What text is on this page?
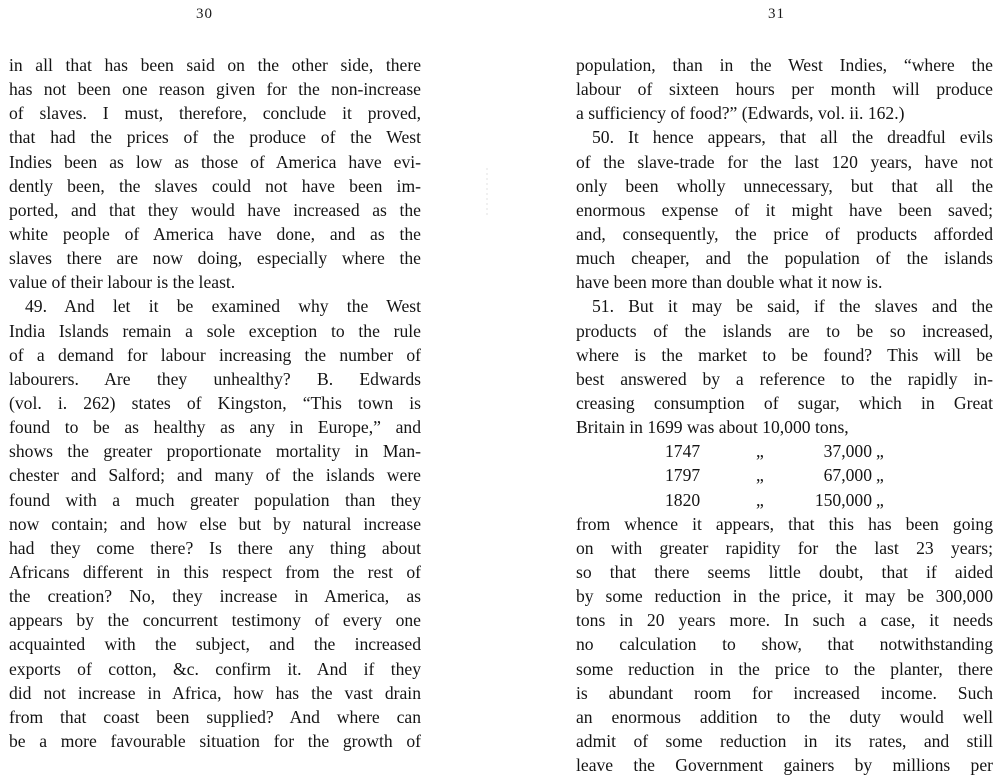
30	31
in all that has been said on the other side, there
has not been one reason given for the non-increase
of slaves. I must, therefore, conclude it proved,
that had the prices of the produce of the West
Indies been as low as those of America have evi-
dently been, the slaves could not have been im-
ported, and that they would have increased as the
white people of America have done, and as the
slaves there are now doing, especially where the
value of their labour is the least.
49. And let it be examined why the West
India Islands remain a sole exception to the rule
of a demand for labour increasing the number of
labourers. Are they unhealthy? B. Edwards
(vol. i. 262) states of Kingston, “This town is
found to be as healthy as any in Europe,” and
shows the greater proportionate mortality in Man-
chester and Salford; and many of the islands were
found with a much greater population than they
now contain; and how else but by natural increase
had they come there? Is there any thing about
Africans different in this respect from the rest of
the creation? No, they increase in America, as
appears by the concurrent testimony of every one
acquainted with the subject, and the increased
exports of cotton, &c. confirm it. And if they
did not increase in Africa, how has the vast drain
from that coast been supplied? And where can
be a more favourable situation for the growth of
population, than in the West Indies, “where the
labour of sixteen hours per month will produce
a sufficiency of food?” (Edwards, vol. ii. 162.)
50. It hence appears, that all the dreadful evils
of the slave-trade for the last 120 years, have not
only been wholly unnecessary, but that all the
enormous expense of it might have been saved;
and, consequently, the price of products afforded
much cheaper, and the population of the islands
have been more than double what it now is.
51. But it may be said, if the slaves and the
products of the islands are to be so increased,
where is the market to be found? This will be
best answered by a reference to the rapidly in-
creasing consumption of sugar, which in Great
Britain in 1699 was about 10,000 tons,
1747	„	37,000 „
1797	„	67,000 „
1820	„	150,000 „
from whence it appears, that this has been going
on with greater rapidity for the last 23 years;
so that there seems little doubt, that if aided
by some reduction in the price, it may be 300,000
tons in 20 years more. In such a case, it needs
no calculation to show, that notwithstanding
some reduction in the price to the planter, there
is abundant room for increased income. Such
an enormous addition to the duty would well
admit of some reduction in its rates, and still
leave the Government gainers by millions per
